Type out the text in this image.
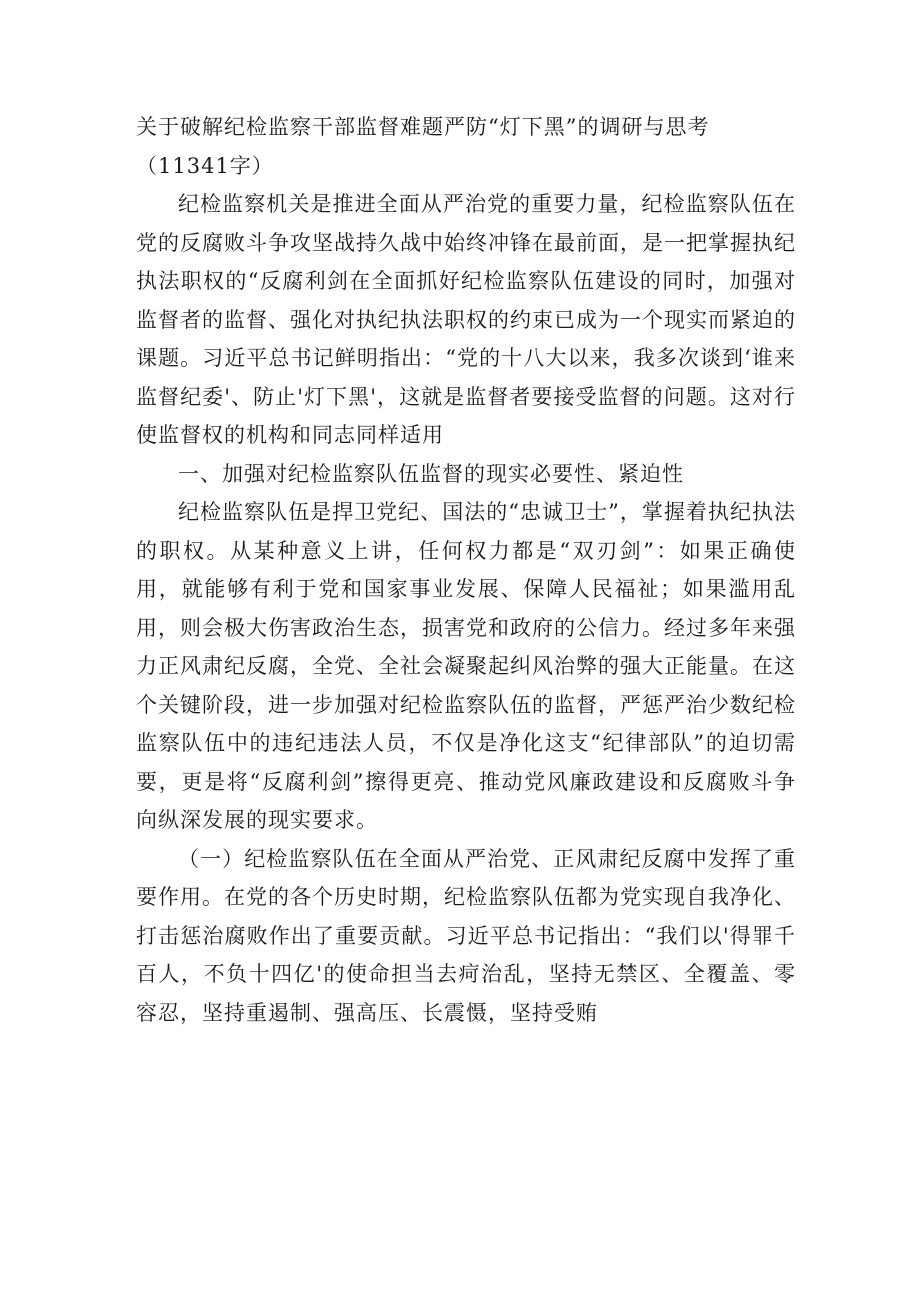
关于破解纪检监察干部监督难题严防“灯下黑”的调研与思考（11341字）

纪检监察机关是推进全面从严治党的重要力量，纪检监察队伍在党的反腐败斗争攻坚战持久战中始终冲锋在最前面，是一把掌握执纪执法职权的“反腐利剑在全面抓好纪检监察队伍建设的同时，加强对监督者的监督、强化对执纪执法职权的约束已成为一个现实而紧迫的课题。习近平总书记鲜明指出：“党的十八大以来，我多次谈到‘谁来监督纪委'、防止'灯下黑'，这就是监督者要接受监督的问题。这对行使监督权的机构和同志同样适用

一、加强对纪检监察队伍监督的现实必要性、紧迫性

纪检监察队伍是捍卫党纪、国法的“忠诚卫士”，掌握着执纪执法的职权。从某种意义上讲，任何权力都是“双刃剑”：如果正确使用，就能够有利于党和国家事业发展、保障人民福祉；如果滥用乱用，则会极大伤害政治生态，损害党和政府的公信力。经过多年来强力正风肃纪反腐，全党、全社会凝聚起纠风治弊的强大正能量。在这个关键阶段，进一步加强对纪检监察队伍的监督，严惩严治少数纪检监察队伍中的违纪违法人员，不仅是净化这支“纪律部队”的迫切需要，更是将“反腐利剑”擦得更亮、推动党风廉政建设和反腐败斗争向纵深发展的现实要求。

（一）纪检监察队伍在全面从严治党、正风肃纪反腐中发挥了重要作用。在党的各个历史时期，纪检监察队伍都为党实现自我净化、打击惩治腐败作出了重要贡献。习近平总书记指出：“我们以'得罪千百人，不负十四亿'的使命担当去疴治乱，坚持无禁区、全覆盖、零容忍，坚持重遏制、强高压、长震慑，坚持受贿
